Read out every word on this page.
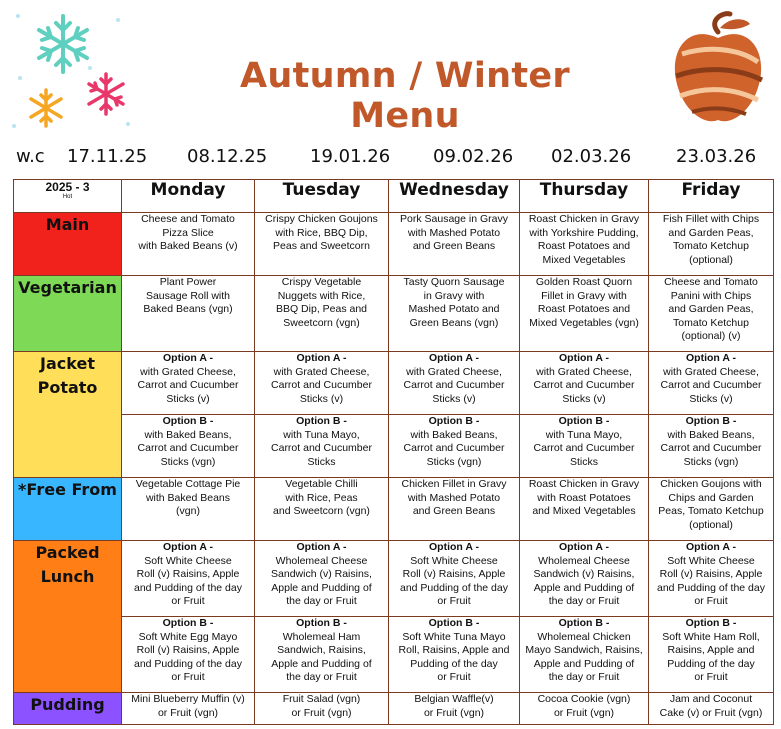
Autumn / Winter Menu
w.c 17.11.25 08.12.25 19.01.26 09.02.26 02.03.26 23.03.26
2025 - 3
Hot	Monday	Tuesday	Wednesday	Thursday	Friday
Main	Cheese and Tomato
Pizza Slice
with Baked Beans (v)	Crispy Chicken Goujons
with Rice, BBQ Dip,
Peas and Sweetcorn	Pork Sausage in Gravy
with Mashed Potato
and Green Beans	Roast Chicken in Gravy
with Yorkshire Pudding,
Roast Potatoes and
Mixed Vegetables	Fish Fillet with Chips
and Garden Peas,
Tomato Ketchup
(optional)

Vegetarian	Plant Power
Sausage Roll with
Baked Beans (vgn)	Crispy Vegetable
Nuggets with Rice,
BBQ Dip, Peas and
Sweetcorn (vgn)	Tasty Quorn Sausage
in Gravy with
Mashed Potato and
Green Beans (vgn)	Golden Roast Quorn
Fillet in Gravy with
Roast Potatoes and
Mixed Vegetables (vgn)	Cheese and Tomato
Panini with Chips
and Garden Peas,
Tomato Ketchup
(optional) (v)

Jacket
Potato	Option A -
with Grated Cheese,
Carrot and Cucumber
Sticks (v)	Option A -
with Grated Cheese,
Carrot and Cucumber
Sticks (v)	Option A -
with Grated Cheese,
Carrot and Cucumber
Sticks (v)	Option A -
with Grated Cheese,
Carrot and Cucumber
Sticks (v)	Option A -
with Grated Cheese,
Carrot and Cucumber
Sticks (v)

	Option B -
with Baked Beans,
Carrot and Cucumber
Sticks (vgn)	Option B -
with Tuna Mayo,
Carrot and Cucumber
Sticks	Option B -
with Baked Beans,
Carrot and Cucumber
Sticks (vgn)	Option B -
with Tuna Mayo,
Carrot and Cucumber
Sticks	Option B -
with Baked Beans,
Carrot and Cucumber
Sticks (vgn)

*Free From	Vegetable Cottage Pie
with Baked Beans
(vgn)	Vegetable Chilli
with Rice, Peas
and Sweetcorn (vgn)	Chicken Fillet in Gravy
with Mashed Potato
and Green Beans	Roast Chicken in Gravy
with Roast Potatoes
and Mixed Vegetables	Chicken Goujons with
Chips and Garden
Peas, Tomato Ketchup
(optional)

Packed
Lunch	Option A -
Soft White Cheese
Roll (v) Raisins, Apple
and Pudding of the day
or Fruit	Option A -
Wholemeal Cheese
Sandwich (v) Raisins,
Apple and Pudding of
the day or Fruit	Option A -
Soft White Cheese
Roll (v) Raisins, Apple
and Pudding of the day
or Fruit	Option A -
Wholemeal Cheese
Sandwich (v) Raisins,
Apple and Pudding of
the day or Fruit	Option A -
Soft White Cheese
Roll (v) Raisins, Apple
and Pudding of the day
or Fruit

	Option B -
Soft White Egg Mayo
Roll (v) Raisins, Apple
and Pudding of the day
or Fruit	Option B -
Wholemeal Ham
Sandwich, Raisins,
Apple and Pudding of
the day or Fruit	Option B -
Soft White Tuna Mayo
Roll, Raisins, Apple and
Pudding of the day
or Fruit	Option B -
Wholemeal Chicken
Mayo Sandwich, Raisins,
Apple and Pudding of
the day or Fruit	Option B -
Soft White Ham Roll,
Raisins, Apple and
Pudding of the day
or Fruit

Pudding	Mini Blueberry Muffin (v)
or Fruit (vgn)	Fruit Salad (vgn)
or Fruit (vgn)	Belgian Waffle(v)
or Fruit (vgn)	Cocoa Cookie (vgn)
or Fruit (vgn)	Jam and Coconut
Cake (v) or Fruit (vgn)
